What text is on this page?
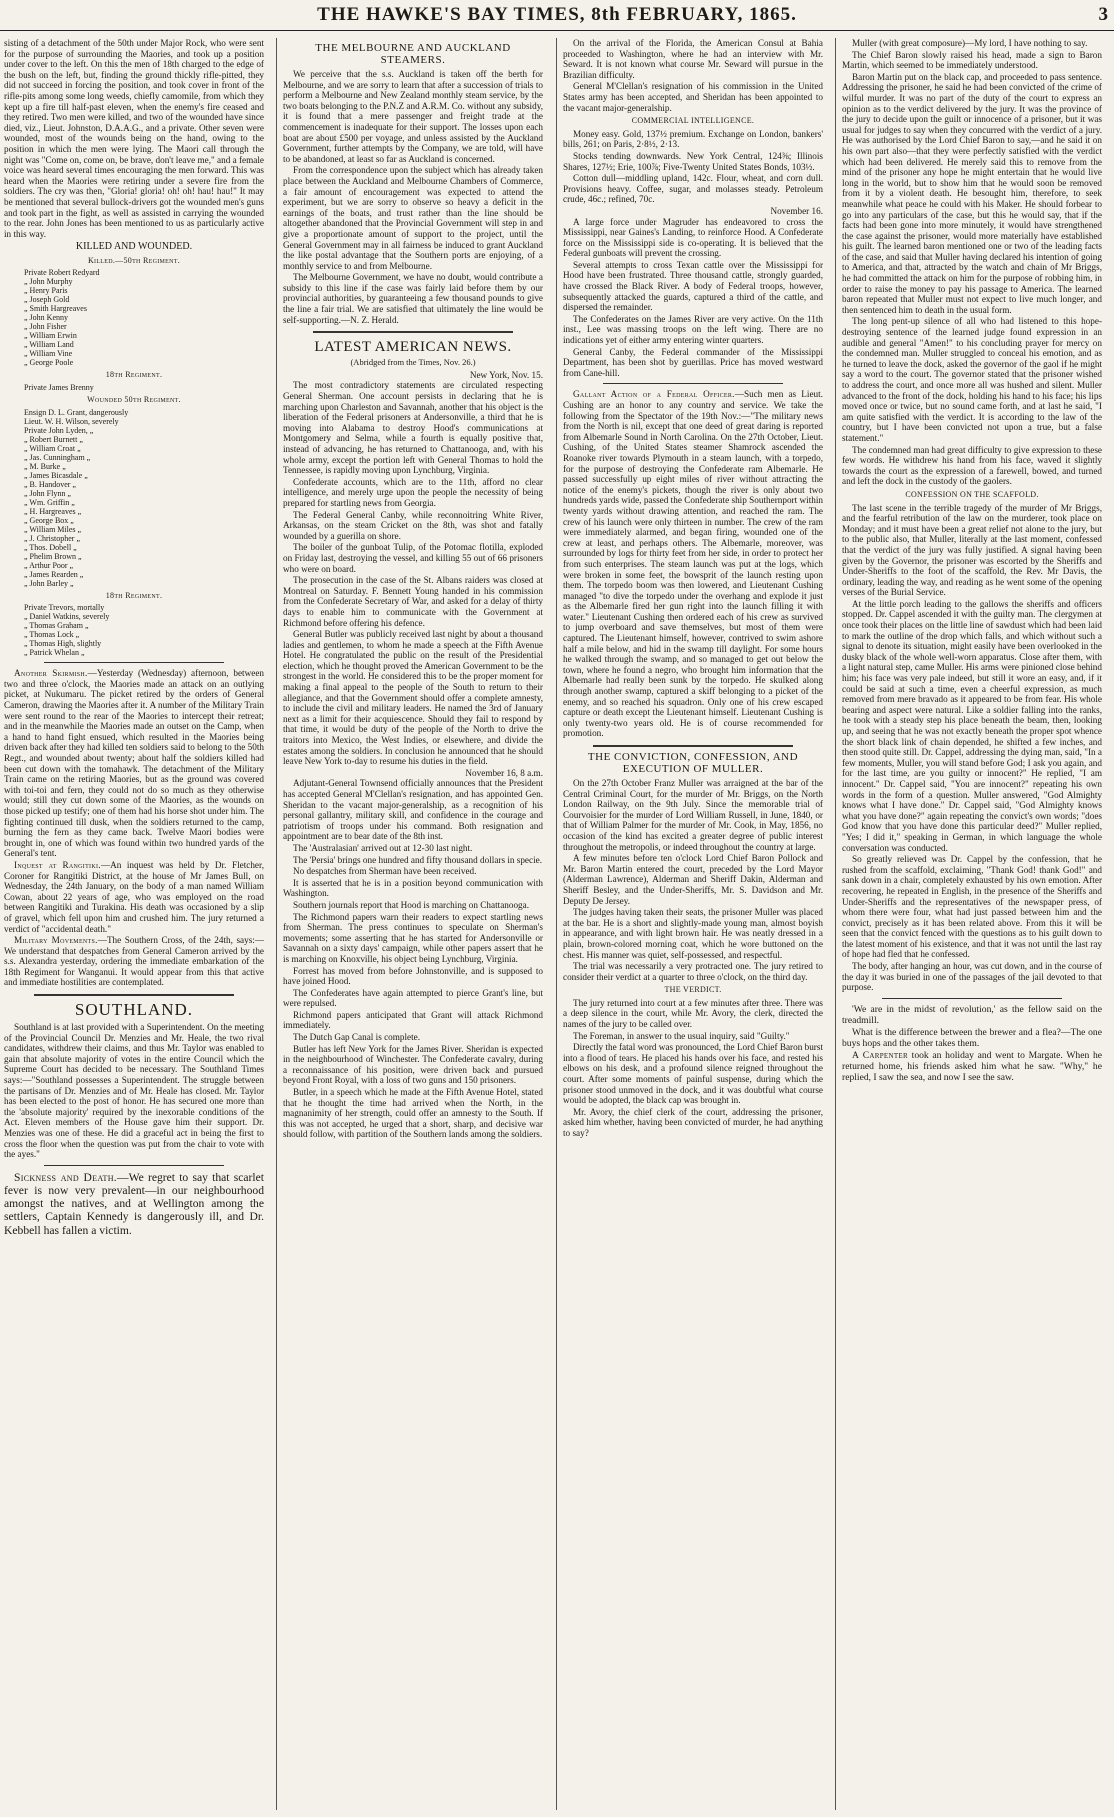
THE HAWKE'S BAY TIMES, 8th FEBRUARY, 1865.	3

sisting of a detachment of the 50th under Major Rock, who were sent for the purpose of surrounding the Maories, and took up a position under cover to the left. On this the men of 18th charged to the edge of the bush on the left, but, finding the ground thickly rifle-pitted, they did not succeed in forcing the position, and took cover in front of the rifle-pits among some long weeds, chiefly camomile, from which they kept up a fire till half-past eleven, when the enemy's fire ceased and they retired. Two men were killed, and two of the wounded have since died, viz., Lieut. Johnston, D.A.A.G., and a private. Other seven were wounded, most of the wounds being on the hand, owing to the position in which the men were lying. The Maori call through the night was "Come on, come on, be brave, don't leave me," and a female voice was heard several times encouraging the men forward. This was heard when the Maories were retiring under a severe fire from the soldiers. The cry was then, "Gloria! gloria! oh! oh! hau! hau!" It may be mentioned that several bullock-drivers got the wounded men's guns and took part in the fight, as well as assisted in carrying the wounded to the rear. John Jones has been mentioned to us as particularly active in this way.

KILLED AND WOUNDED.
Killed.—50th Regiment.
Private Robert Redyard
„ John Murphy
„ Henry Paris
„ Joseph Gold
„ Smith Hargreaves
„ John Kenny
„ John Fisher
„ William Erwin
„ William Land
„ William Vine
„ George Poole
18th Regiment.
Private James Brenny
Wounded 50th Regiment.
Ensign D. L. Grant, dangerously
Lieut. W. H. Wilson, severely
Private John Lyden, „
„ Robert Burnett „
„ William Croat „
„ Jas. Cunningham „
„ M. Burke „
„ James Bicasdale „
„ B. Handover „
„ John Flynn „
„ Wm. Griffin „
„ H. Hargreaves „
„ George Box „
„ William Miles „
„ J. Christopher „
„ Thos. Dobell „
„ Phelim Brown „
„ Arthur Poor „
„ James Rearden „
„ John Barley „
18th Regiment.
Private Trevors, mortally
„ Daniel Watkins, severely
„ Thomas Graham „
„ Thomas Lock „
„ Thomas High, slightly
„ Patrick Whelan „

Another Skirmish.—Yesterday (Wednesday) afternoon, between two and three o'clock, the Maories made an attack on an outlying picket, at Nukumaru. The picket retired by the orders of General Cameron, drawing the Maories after it. A number of the Military Train were sent round to the rear of the Maories to intercept their retreat; and in the meanwhile the Maories made an outset on the Camp, when a hand to hand fight ensued, which resulted in the Maories being driven back after they had killed ten soldiers said to belong to the 50th Regt., and wounded about twenty; about half the soldiers killed had been cut down with the tomahawk. The detachment of the Military Train came on the retiring Maories, but as the ground was covered with toi-toi and fern, they could not do so much as they otherwise would; still they cut down some of the Maories, as the wounds on those picked up testify; one of them had his horse shot under him. The fighting continued till dusk, when the soldiers returned to the camp, burning the fern as they came back. Twelve Maori bodies were brought in, one of which was found within two hundred yards of the General's tent.

Inquest at Rangitiki.—An inquest was held by Dr. Fletcher, Coroner for Rangitiki District, at the house of Mr James Bull, on Wednesday, the 24th January, on the body of a man named William Cowan, about 22 years of age, who was employed on the road between Rangitiki and Turakina. His death was occasioned by a slip of gravel, which fell upon him and crushed him. The jury returned a verdict of "accidental death."

Military Movements.—The Southern Cross, of the 24th, says:—We understand that despatches from General Cameron arrived by the s.s. Alexandra yesterday, ordering the immediate embarkation of the 18th Regiment for Wanganui. It would appear from this that active and immediate hostilities are contemplated.

SOUTHLAND.

Southland is at last provided with a Superintendent. On the meeting of the Provincial Council Dr. Menzies and Mr. Heale, the two rival candidates, withdrew their claims, and thus Mr. Taylor was enabled to gain that absolute majority of votes in the entire Council which the Supreme Court has decided to be necessary. The Southland Times says:—"Southland possesses a Superintendent. The struggle between the partisans of Dr. Menzies and of Mr. Heale has closed. Mr. Taylor has been elected to the post of honor. He has secured one more than the 'absolute majority' required by the inexorable conditions of the Act. Eleven members of the House gave him their support. Dr. Menzies was one of these. He did a graceful act in being the first to cross the floor when the question was put from the chair to vote with the ayes."

Sickness and Death.—We regret to say that scarlet fever is now very prevalent—in our neighbourhood amongst the natives, and at Wellington among the settlers, Captain Kennedy is dangerously ill, and Dr. Kebbell has fallen a victim.

THE MELBOURNE AND AUCKLAND STEAMERS.

We perceive that the s.s. Auckland is taken off the berth for Melbourne, and we are sorry to learn that after a succession of trials to perform a Melbourne and New Zealand monthly steam service, by the two boats belonging to the P.N.Z and A.R.M. Co. without any subsidy, it is found that a mere passenger and freight trade at the commencement is inadequate for their support. The losses upon each boat are about £500 per voyage, and unless assisted by the Auckland Government, further attempts by the Company, we are told, will have to be abandoned, at least so far as Auckland is concerned.

From the correspondence upon the subject which has already taken place between the Auckland and Melbourne Chambers of Commerce, a fair amount of encouragement was expected to attend the experiment, but we are sorry to observe so heavy a deficit in the earnings of the boats, and trust rather than the line should be altogether abandoned that the Provincial Government will step in and give a proportionate amount of support to the project, until the General Government may in all fairness be induced to grant Auckland the like postal advantage that the Southern ports are enjoying, of a monthly service to and from Melbourne.

The Melbourne Government, we have no doubt, would contribute a subsidy to this line if the case was fairly laid before them by our provincial authorities, by guaranteeing a few thousand pounds to give the line a fair trial. We are satisfied that ultimately the line would be self-supporting.—N. Z. Herald.

LATEST AMERICAN NEWS.
(Abridged from the Times, Nov. 26.)

New York, Nov. 15.

The most contradictory statements are circulated respecting General Sherman. One account persists in declaring that he is marching upon Charleston and Savannah, another that his object is the liberation of the Federal prisoners at Andersonville, a third that he is moving into Alabama to destroy Hood's communications at Montgomery and Selma, while a fourth is equally positive that, instead of advancing, he has returned to Chattanooga, and, with his whole army, except the portion left with General Thomas to hold the Tennessee, is rapidly moving upon Lynchburg, Virginia.

Confederate accounts, which are to the 11th, afford no clear intelligence, and merely urge upon the people the necessity of being prepared for startling news from Georgia.

The Federal General Canby, while reconnoitring White River, Arkansas, on the steam Cricket on the 8th, was shot and fatally wounded by a guerilla on shore.

The boiler of the gunboat Tulip, of the Potomac flotilla, exploded on Friday last, destroying the vessel, and killing 55 out of 66 prisoners who were on board.

The prosecution in the case of the St. Albans raiders was closed at Montreal on Saturday. F. Bennett Young handed in his commission from the Confederate Secretary of War, and asked for a delay of thirty days to enable him to communicate with the Government at Richmond before offering his defence.

General Butler was publicly received last night by about a thousand ladies and gentlemen, to whom he made a speech at the Fifth Avenue Hotel. He congratulated the public on the result of the Presidential election, which he thought proved the American Government to be the strongest in the world. He considered this to be the proper moment for making a final appeal to the people of the South to return to their allegiance, and that the Government should offer a complete amnesty, to include the civil and military leaders. He named the 3rd of January next as a limit for their acquiescence. Should they fail to respond by that time, it would be duty of the people of the North to drive the traitors into Mexico, the West Indies, or elsewhere, and divide the estates among the soldiers. In conclusion he announced that he should leave New York to-day to resume his duties in the field.

November 16, 8 a.m.

Adjutant-General Townsend officially announces that the President has accepted General M'Clellan's resignation, and has appointed Gen. Sheridan to the vacant major-generalship, as a recognition of his personal gallantry, military skill, and confidence in the courage and patriotism of troops under his command. Both resignation and appointment are to bear date of the 8th inst.

The 'Australasian' arrived out at 12-30 last night.

The 'Persia' brings one hundred and fifty thousand dollars in specie.

No despatches from Sherman have been received.

It is asserted that he is in a position beyond communication with Washington.

Southern journals report that Hood is marching on Chattanooga.

The Richmond papers warn their readers to expect startling news from Sherman. The press continues to speculate on Sherman's movements; some asserting that he has started for Andersonville or Savannah on a sixty days' campaign, while other papers assert that he is marching on Knoxville, his object being Lynchburg, Virginia.

Forrest has moved from before Johnstonville, and is supposed to have joined Hood.

The Confederates have again attempted to pierce Grant's line, but were repulsed.

Richmond papers anticipated that Grant will attack Richmond immediately.

The Dutch Gap Canal is complete.

Butler has left New York for the James River. Sheridan is expected in the neighbourhood of Winchester. The Confederate cavalry, during a reconnaissance of his position, were driven back and pursued beyond Front Royal, with a loss of two guns and 150 prisoners.

Butler, in a speech which he made at the Fifth Avenue Hotel, stated that he thought the time had arrived when the North, in the magnanimity of her strength, could offer an amnesty to the South. If this was not accepted, he urged that a short, sharp, and decisive war should follow, with partition of the Southern lands among the soldiers.

On the arrival of the Florida, the American Consul at Bahia proceeded to Washington, where he had an interview with Mr. Seward. It is not known what course Mr. Seward will pursue in the Brazilian difficulty.

General M'Clellan's resignation of his commission in the United States army has been accepted, and Sheridan has been appointed to the vacant major-generalship.

COMMERCIAL INTELLIGENCE.

Money easy. Gold, 137½ premium. Exchange on London, bankers' bills, 261; on Paris, 2·8½, 2·13.

Stocks tending downwards. New York Central, 124⅜; Illinois Shares, 127½; Erie, 100⅞; Five-Twenty United States Bonds, 103½.

Cotton dull—middling upland, 142c. Flour, wheat, and corn dull. Provisions heavy. Coffee, sugar, and molasses steady. Petroleum crude, 46c.; refined, 70c.

November 16.

A large force under Magruder has endeavored to cross the Mississippi, near Gaines's Landing, to reinforce Hood. A Confederate force on the Mississippi side is co-operating. It is believed that the Federal gunboats will prevent the crossing.

Several attempts to cross Texan cattle over the Mississippi for Hood have been frustrated. Three thousand cattle, strongly guarded, have crossed the Black River. A body of Federal troops, however, subsequently attacked the guards, captured a third of the cattle, and dispersed the remainder.

The Confederates on the James River are very active. On the 11th inst., Lee was massing troops on the left wing. There are no indications yet of either army entering winter quarters.

General Canby, the Federal commander of the Mississippi Department, has been shot by guerillas. Price has moved westward from Cane-hill.

Gallant Action of a Federal Officer.—Such men as Lieut. Cushing are an honor to any country and service. We take the following from the Spectator of the 19th Nov.:—"The military news from the North is nil, except that one deed of great daring is reported from Albemarle Sound in North Carolina. On the 27th October, Lieut. Cushing, of the United States steamer Shamrock ascended the Roanoke river towards Plymouth in a steam launch, with a torpedo, for the purpose of destroying the Confederate ram Albemarle. He passed successfully up eight miles of river without attracting the notice of the enemy's pickets, though the river is only about two hundreds yards wide, passed the Confederate ship Southernport within twenty yards without drawing attention, and reached the ram. The crew of his launch were only thirteen in number. The crew of the ram were immediately alarmed, and began firing, wounded one of the crew at least, and perhaps others. The Albemarle, moreover, was surrounded by logs for thirty feet from her side, in order to protect her from such enterprises. The steam launch was put at the logs, which were broken in some feet, the bowsprit of the launch resting upon them. The torpedo boom was then lowered, and Lieutenant Cushing managed "to dive the torpedo under the overhang and explode it just as the Albemarle fired her gun right into the launch filling it with water." Lieutenant Cushing then ordered each of his crew as survived to jump overboard and save themselves, but most of them were captured. The Lieutenant himself, however, contrived to swim ashore half a mile below, and hid in the swamp till daylight. For some hours he walked through the swamp, and so managed to get out below the town, where he found a negro, who brought him information that the Albemarle had really been sunk by the torpedo. He skulked along through another swamp, captured a skiff belonging to a picket of the enemy, and so reached his squadron. Only one of his crew escaped capture or death except the Lieutenant himself. Lieutenant Cushing is only twenty-two years old. He is of course recommended for promotion.

THE CONVICTION, CONFESSION, AND EXECUTION OF MULLER.

On the 27th October Franz Muller was arraigned at the bar of the Central Criminal Court, for the murder of Mr. Briggs, on the North London Railway, on the 9th July. Since the memorable trial of Courvoisier for the murder of Lord William Russell, in June, 1840, or that of William Palmer for the murder of Mr. Cook, in May, 1856, no occasion of the kind has excited a greater degree of public interest throughout the metropolis, or indeed throughout the country at large.

A few minutes before ten o'clock Lord Chief Baron Pollock and Mr. Baron Martin entered the court, preceded by the Lord Mayor (Alderman Lawrence), Alderman and Sheriff Dakin, Alderman and Sheriff Besley, and the Under-Sheriffs, Mr. S. Davidson and Mr. Deputy De Jersey.

The judges having taken their seats, the prisoner Muller was placed at the bar. He is a short and slightly-made young man, almost boyish in appearance, and with light brown hair. He was neatly dressed in a plain, brown-colored morning coat, which he wore buttoned on the chest. His manner was quiet, self-possessed, and respectful.

The trial was necessarily a very protracted one. The jury retired to consider their verdict at a quarter to three o'clock, on the third day.

THE VERDICT.

The jury returned into court at a few minutes after three. There was a deep silence in the court, while Mr. Avory, the clerk, directed the names of the jury to be called over.

The Foreman, in answer to the usual inquiry, said "Guilty."

Directly the fatal word was pronounced, the Lord Chief Baron burst into a flood of tears. He placed his hands over his face, and rested his elbows on his desk, and a profound silence reigned throughout the court. After some moments of painful suspense, during which the prisoner stood unmoved in the dock, and it was doubtful what course would be adopted, the black cap was brought in.

Mr. Avory, the chief clerk of the court, addressing the prisoner, asked him whether, having been convicted of murder, he had anything to say?

Muller (with great composure)—My lord, I have nothing to say.

The Chief Baron slowly raised his head, made a sign to Baron Martin, which seemed to be immediately understood.

Baron Martin put on the black cap, and proceeded to pass sentence. Addressing the prisoner, he said he had been convicted of the crime of wilful murder. It was no part of the duty of the court to express an opinion as to the verdict delivered by the jury. It was the province of the jury to decide upon the guilt or innocence of a prisoner, but it was usual for judges to say when they concurred with the verdict of a jury. He was authorised by the Lord Chief Baron to say,—and he said it on his own part also—that they were perfectly satisfied with the verdict which had been delivered. He merely said this to remove from the mind of the prisoner any hope he might entertain that he would live long in the world, but to show him that he would soon be removed from it by a violent death. He besought him, therefore, to seek meanwhile what peace he could with his Maker. He should forbear to go into any particulars of the case, but this he would say, that if the facts had been gone into more minutely, it would have strengthened the case against the prisoner, would more materially have established his guilt. The learned baron mentioned one or two of the leading facts of the case, and said that Muller having declared his intention of going to America, and that, attracted by the watch and chain of Mr Briggs, he had committed the attack on him for the purpose of robbing him, in order to raise the money to pay his passage to America. The learned baron repeated that Muller must not expect to live much longer, and then sentenced him to death in the usual form.

The long pent-up silence of all who had listened to this hope-destroying sentence of the learned judge found expression in an audible and general "Amen!" to his concluding prayer for mercy on the condemned man. Muller struggled to conceal his emotion, and as he turned to leave the dock, asked the governor of the gaol if he might say a word to the court. The governor stated that the prisoner wished to address the court, and once more all was hushed and silent. Muller advanced to the front of the dock, holding his hand to his face; his lips moved once or twice, but no sound came forth, and at last he said, "I am quite satisfied with the verdict. It is according to the law of the country, but I have been convicted not upon a true, but a false statement."

The condemned man had great difficulty to give expression to these few words. He withdrew his hand from his face, waved it slightly towards the court as the expression of a farewell, bowed, and turned and left the dock in the custody of the gaolers.

CONFESSION ON THE SCAFFOLD.

The last scene in the terrible tragedy of the murder of Mr Briggs, and the fearful retribution of the law on the murderer, took place on Monday; and it must have been a great relief not alone to the jury, but to the public also, that Muller, literally at the last moment, confessed that the verdict of the jury was fully justified. A signal having been given by the Governor, the prisoner was escorted by the Sheriffs and Under-Sheriffs to the foot of the scaffold, the Rev. Mr Davis, the ordinary, leading the way, and reading as he went some of the opening verses of the Burial Service.

At the little porch leading to the gallows the sheriffs and officers stopped. Dr. Cappel ascended it with the guilty man. The clergymen at once took their places on the little line of sawdust which had been laid to mark the outline of the drop which falls, and which without such a signal to denote its situation, might easily have been overlooked in the dusky black of the whole well-worn apparatus. Close after them, with a light natural step, came Muller. His arms were pinioned close behind him; his face was very pale indeed, but still it wore an easy, and, if it could be said at such a time, even a cheerful expression, as much removed from mere bravado as it appeared to be from fear. His whole bearing and aspect were natural. Like a soldier falling into the ranks, he took with a steady step his place beneath the beam, then, looking up, and seeing that he was not exactly beneath the proper spot whence the short black link of chain depended, he shifted a few inches, and then stood quite still. Dr. Cappel, addressing the dying man, said, "In a few moments, Muller, you will stand before God; I ask you again, and for the last time, are you guilty or innocent?" He replied, "I am innocent." Dr. Cappel said, "You are innocent?" repeating his own words in the form of a question. Muller answered, "God Almighty knows what I have done." Dr. Cappel said, "God Almighty knows what you have done?" again repeating the convict's own words; "does God know that you have done this particular deed?" Muller replied, "Yes; I did it," speaking in German, in which language the whole conversation was conducted.

So greatly relieved was Dr. Cappel by the confession, that he rushed from the scaffold, exclaiming, "Thank God! thank God!" and sank down in a chair, completely exhausted by his own emotion. After recovering, he repeated in English, in the presence of the Sheriffs and Under-Sheriffs and the representatives of the newspaper press, of whom there were four, what had just passed between him and the convict, precisely as it has been related above. From this it will be seen that the convict fenced with the questions as to his guilt down to the latest moment of his existence, and that it was not until the last ray of hope had fled that he confessed.

The body, after hanging an hour, was cut down, and in the course of the day it was buried in one of the passages of the jail devoted to that purpose.

'We are in the midst of revolution,' as the fellow said on the treadmill.

What is the difference between the brewer and a flea?—The one buys hops and the other takes them.

A Carpenter took an holiday and went to Margate. When he returned home, his friends asked him what he saw. "Why," he replied, I saw the sea, and now I see the saw.
